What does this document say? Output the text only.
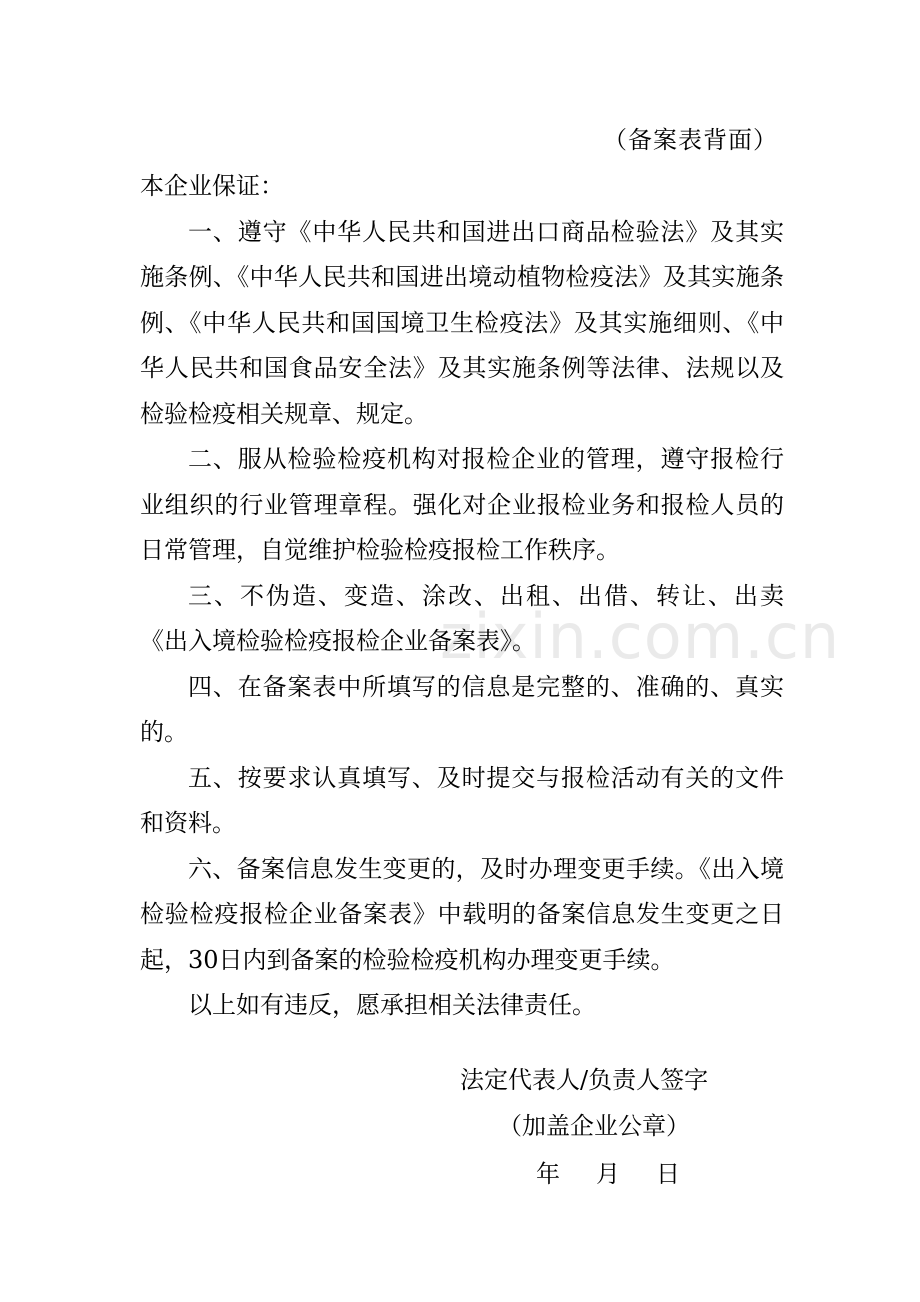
zixin.com.cn
（备案表背面）

本企业保证：

一、遵守《中华人民共和国进出口商品检验法》及其实施条例、《中华人民共和国进出境动植物检疫法》及其实施条例、《中华人民共和国国境卫生检疫法》及其实施细则、《中华人民共和国食品安全法》及其实施条例等法律、法规以及检验检疫相关规章、规定。

二、服从检验检疫机构对报检企业的管理，遵守报检行业组织的行业管理章程。强化对企业报检业务和报检人员的日常管理，自觉维护检验检疫报检工作秩序。

三、不伪造、变造、涂改、出租、出借、转让、出卖《出入境检验检疫报检企业备案表》。

四、在备案表中所填写的信息是完整的、准确的、真实的。

五、按要求认真填写、及时提交与报检活动有关的文件和资料。

六、备案信息发生变更的，及时办理变更手续。《出入境检验检疫报检企业备案表》中载明的备案信息发生变更之日起，30日内到备案的检验检疫机构办理变更手续。

以上如有违反，愿承担相关法律责任。

法定代表人/负责人签字
（加盖企业公章）
年 月 日
